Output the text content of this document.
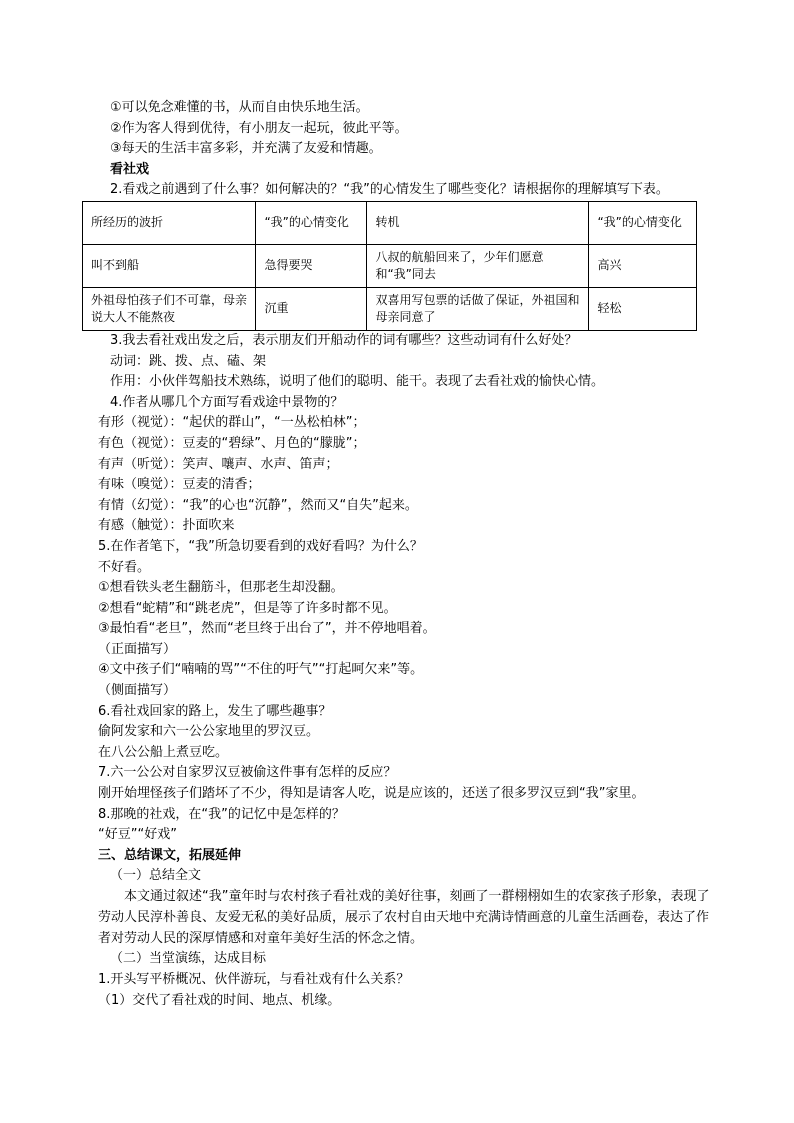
①可以免念难懂的书，从而自由快乐地生活。
②作为客人得到优待，有小朋友一起玩，彼此平等。
③每天的生活丰富多彩，并充满了友爱和情趣。
看社戏
2.看戏之前遇到了什么事？如何解决的？“我”的心情发生了哪些变化？请根据你的理解填写下表。
所经历的波折	“我”的心情变化	转机	“我”的心情变化
叫不到船	急得要哭	八叔的航船回来了，少年们愿意和“我”同去	高兴
外祖母怕孩子们不可靠，母亲说大人不能熬夜	沉重	双喜用写包票的话做了保证，外祖国和母亲同意了	轻松
3.我去看社戏出发之后，表示朋友们开船动作的词有哪些？这些动词有什么好处？
动词：跳、拨、点、磕、架
作用：小伙伴驾船技术熟练，说明了他们的聪明、能干。表现了去看社戏的愉快心情。
4.作者从哪几个方面写看戏途中景物的？
有形（视觉）：“起伏的群山”，“一丛松柏林”；
有色（视觉）：豆麦的“碧绿”、月色的“朦胧”；
有声（听觉）：笑声、嚷声、水声、笛声；
有味（嗅觉）：豆麦的清香；
有情（幻觉）：“我”的心也“沉静”，然而又“自失”起来。
有感（触觉）：扑面吹来
5.在作者笔下，“我”所急切要看到的戏好看吗？为什么？
不好看。
①想看铁头老生翻筋斗，但那老生却没翻。
②想看“蛇精”和“跳老虎”，但是等了许多时都不见。
③最怕看“老旦”，然而“老旦终于出台了”，并不停地唱着。
（正面描写）
④文中孩子们“喃喃的骂”“不住的吁气”“打起呵欠来”等。
（侧面描写）
6.看社戏回家的路上，发生了哪些趣事？
偷阿发家和六一公公家地里的罗汉豆。
在八公公船上煮豆吃。
7.六一公公对自家罗汉豆被偷这件事有怎样的反应？
刚开始埋怪孩子们踏坏了不少，得知是请客人吃，说是应该的，还送了很多罗汉豆到“我”家里。
8.那晚的社戏，在“我”的记忆中是怎样的？
“好豆”“好戏”
三、总结课文，拓展延伸
（一）总结全文
本文通过叙述“我”童年时与农村孩子看社戏的美好往事，刻画了一群栩栩如生的农家孩子形象，表现了劳动人民淳朴善良、友爱无私的美好品质，展示了农村自由天地中充满诗情画意的儿童生活画卷，表达了作者对劳动人民的深厚情感和对童年美好生活的怀念之情。
（二）当堂演练，达成目标
1.开头写平桥概况、伙伴游玩，与看社戏有什么关系？
（1）交代了看社戏的时间、地点、机缘。
